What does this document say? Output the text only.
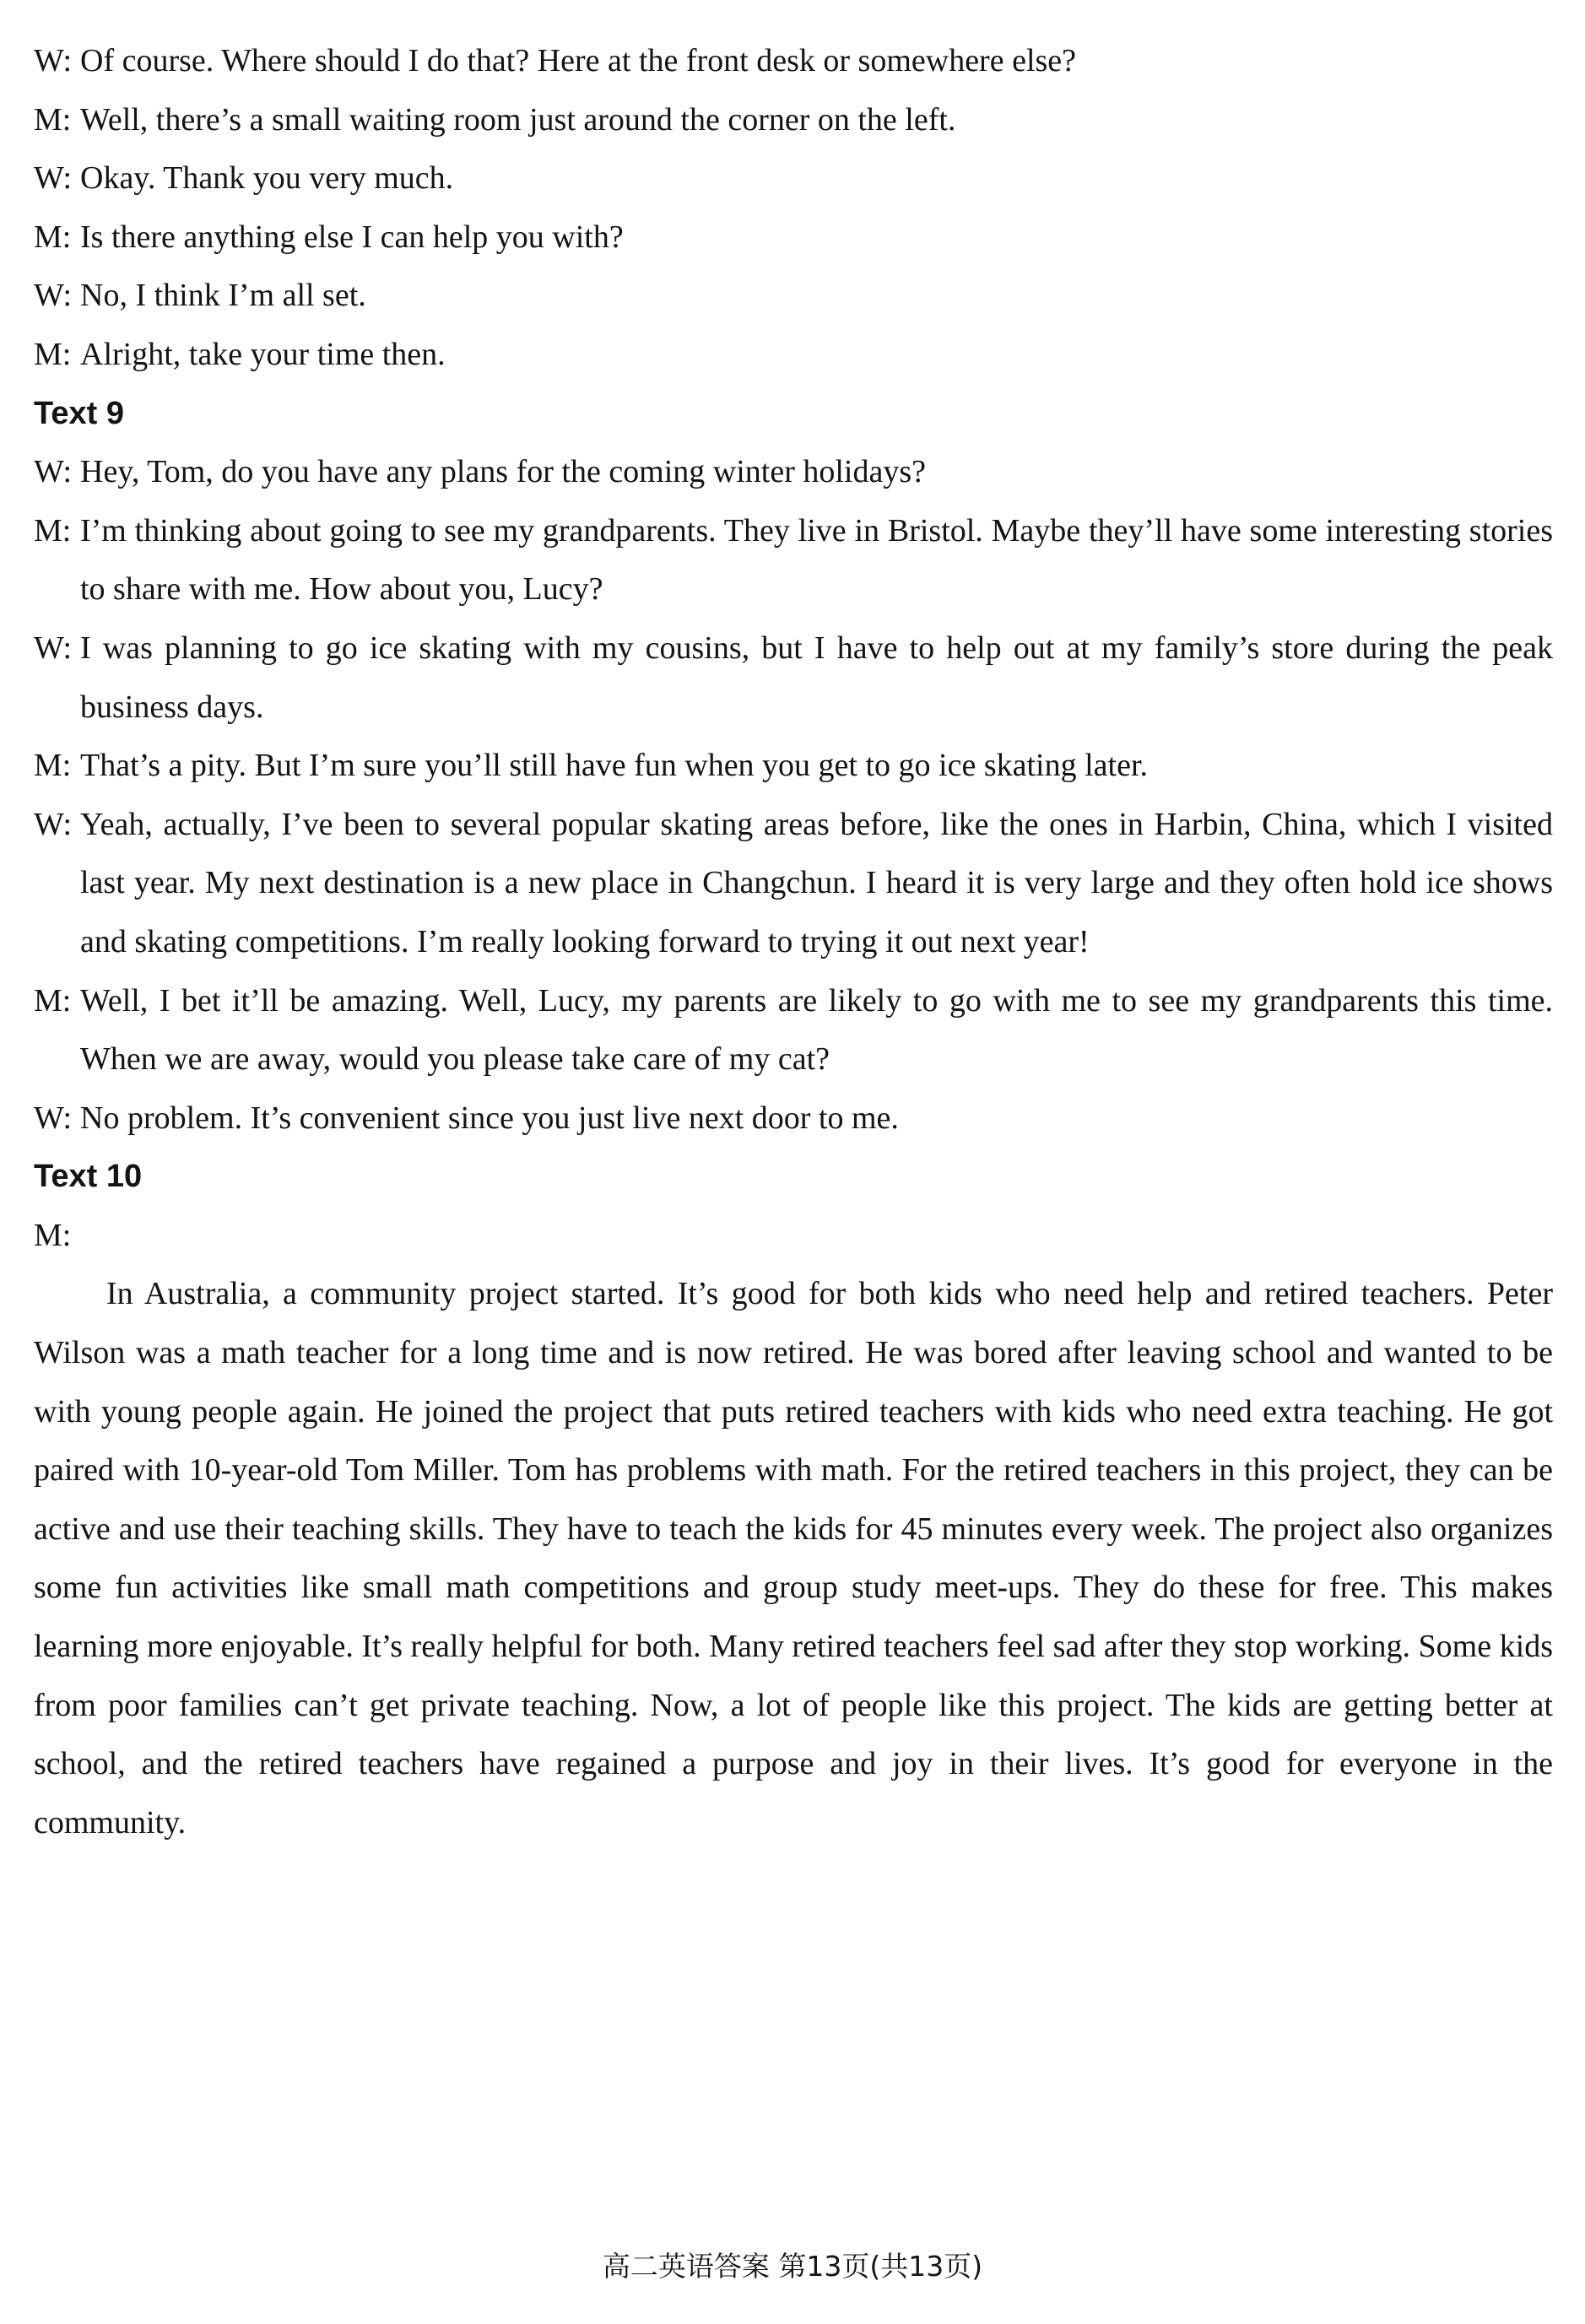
W: Of course. Where should I do that? Here at the front desk or somewhere else?
M: Well, there’s a small waiting room just around the corner on the left.
W: Okay. Thank you very much.
M: Is there anything else I can help you with?
W: No, I think I’m all set.
M: Alright, take your time then.
Text 9
W: Hey, Tom, do you have any plans for the coming winter holidays?
M: I’m thinking about going to see my grandparents. They live in Bristol. Maybe they’ll have some interesting stories to share with me. How about you, Lucy?
W: I was planning to go ice skating with my cousins, but I have to help out at my family’s store during the peak business days.
M: That’s a pity. But I’m sure you’ll still have fun when you get to go ice skating later.
W: Yeah, actually, I’ve been to several popular skating areas before, like the ones in Harbin, China, which I visited last year. My next destination is a new place in Changchun. I heard it is very large and they often hold ice shows and skating competitions. I’m really looking forward to trying it out next year!
M: Well, I bet it’ll be amazing. Well, Lucy, my parents are likely to go with me to see my grandparents this time. When we are away, would you please take care of my cat?
W: No problem. It’s convenient since you just live next door to me.
Text 10
M:
In Australia, a community project started. It’s good for both kids who need help and retired teachers. Peter Wilson was a math teacher for a long time and is now retired. He was bored after leaving school and wanted to be with young people again. He joined the project that puts retired teachers with kids who need extra teaching. He got paired with 10-year-old Tom Miller. Tom has problems with math. For the retired teachers in this project, they can be active and use their teaching skills. They have to teach the kids for 45 minutes every week. The project also organizes some fun activities like small math competitions and group study meet-ups. They do these for free. This makes learning more enjoyable. It’s really helpful for both. Many retired teachers feel sad after they stop working. Some kids from poor families can’t get private teaching. Now, a lot of people like this project. The kids are getting better at school, and the retired teachers have regained a purpose and joy in their lives. It’s good for everyone in the community.
高二英语答案 第13页(共13页)
